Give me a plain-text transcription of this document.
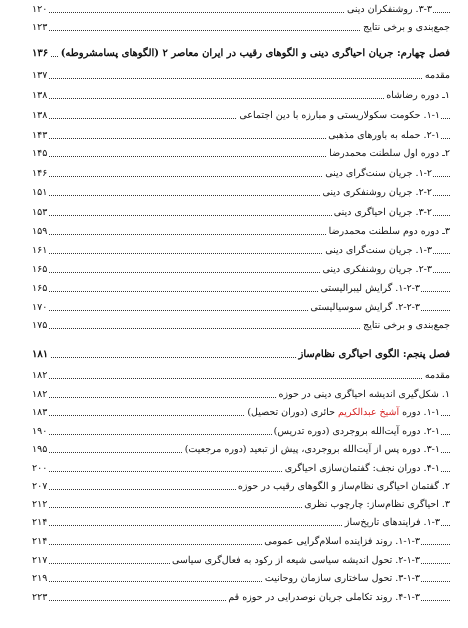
۳-۳. روشنفکران دینی
۱۲۰
جمع‌بندی و برخی نتایج
۱۲۳
فصل چهارم: جریان احیاگری دینی و الگوهای رقیب در ایران معاصر ۲ (الگوهای پسامشروطه)
۱۳۶
مقدمه
۱۳۷
۱ـ دوره رضاشاه
۱۳۸
۱-۱. حکومت سکولاریستی و مبارزه با دین اجتماعی
۱۳۸
۲-۱. حمله به باورهای مذهبی
۱۴۳
۲ـ دوره اول سلطنت محمدرضا
۱۴۵
۱-۲. جریان سنت‌گرای دینی
۱۴۶
۲-۲. جریان روشنفکری دینی
۱۵۱
۳-۲. جریان احیاگری دینی
۱۵۳
۳ـ دوره دوم سلطنت محمدرضا
۱۵۹
۱-۳. جریان سنت‌گرای دینی
۱۶۱
۲-۳. جریان روشنفکری دینی
۱۶۵
۱-۲-۳. گرایش لیبرالیستی
۱۶۵
۲-۲-۳. گرایش سوسیالیستی
۱۷۰
جمع‌بندی و برخی نتایج
۱۷۵
فصل پنجم: الگوی احیاگری نظام‌ساز
۱۸۱
مقدمه
۱۸۲
۱. شکل‌گیری اندیشه احیاگری دینی در حوزه
۱۸۲
۱-۱. دوره آشیخ عبدالکریم حائری (دوران تحصیل)
۱۸۳
۲-۱. دوره آیت‌الله بروجردی (دوره تدریس)
۱۹۰
۳-۱. دوره پس از آیت‌الله بروجردی، پیش از تبعید (دوره مرجعیت)
۱۹۵
۴-۱. دوران نجف: گفتمان‌سازی احیاگری
۲۰۰
۲. گفتمان احیاگری نظام‌ساز و الگوهای رقیب در حوزه
۲۰۷
۳. احیاگری نظام‌ساز: چارچوب نظری
۲۱۲
۱-۳. فرایندهای تاریخ‌ساز
۲۱۴
۱-۱-۳. روند فزاینده اسلام‌گرایی عمومی
۲۱۴
۲-۱-۳. تحول اندیشه سیاسی شیعه از رکود به فعال‌گری سیاسی
۲۱۷
۳-۱-۳. تحول ساختاری سازمان روحانیت
۲۱۹
۴-۱-۳. روند تکاملی جریان نوصدرایی در حوزه قم
۲۲۳
